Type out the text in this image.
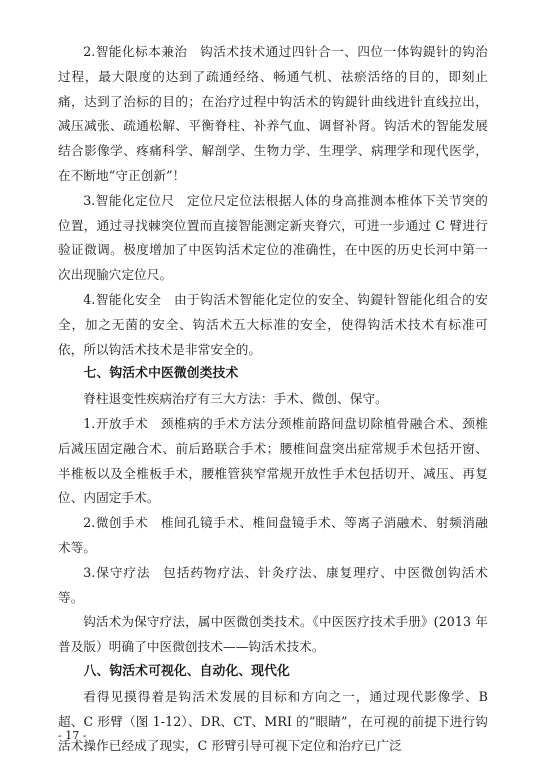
2.智能化标本兼治 钩活术技术通过四针合一、四位一体钩鍉针的钩治过程，最大限度的达到了疏通经络、畅通气机、祛瘀活络的目的，即刻止痛，达到了治标的目的；在治疗过程中钩活术的钩鍉针曲线进针直线拉出，减压减张、疏通松解、平衡脊柱、补养气血、调督补肾。钩活术的智能发展结合影像学、疼痛科学、解剖学、生物力学、生理学、病理学和现代医学，在不断地“守正创新”！

3.智能化定位尺 定位尺定位法根据人体的身高推测本椎体下关节突的位置，通过寻找棘突位置而直接智能测定新夹脊穴，可进一步通过 C 臂进行验证微调。极度增加了中医钩活术定位的准确性，在中医的历史长河中第一次出现腧穴定位尺。

4.智能化安全 由于钩活术智能化定位的安全、钩鍉针智能化组合的安全，加之无菌的安全、钩活术五大标准的安全，使得钩活术技术有标准可依，所以钩活术技术是非常安全的。

七、钩活术中医微创类技术

脊柱退变性疾病治疗有三大方法：手术、微创、保守。

1.开放手术 颈椎病的手术方法分颈椎前路间盘切除植骨融合术、颈椎后减压固定融合术、前后路联合手术；腰椎间盘突出症常规手术包括开窗、半椎板以及全椎板手术，腰椎管狭窄常规开放性手术包括切开、减压、再复位、内固定手术。

2.微创手术 椎间孔镜手术、椎间盘镜手术、等离子消融术、射频消融术等。

3.保守疗法 包括药物疗法、针灸疗法、康复理疗、中医微创钩活术等。

钩活术为保守疗法，属中医微创类技术。《中医医疗技术手册》(2013 年普及版）明确了中医微创技术——钩活术技术。

八、钩活术可视化、自动化、现代化

看得见摸得着是钩活术发展的目标和方向之一，通过现代影像学、B 超、C 形臂（图 1-12）、DR、CT、MRI 的“眼睛”，在可视的前提下进行钩活术操作已经成了现实，C 形臂引导可视下定位和治疗已广泛

- 17 -
